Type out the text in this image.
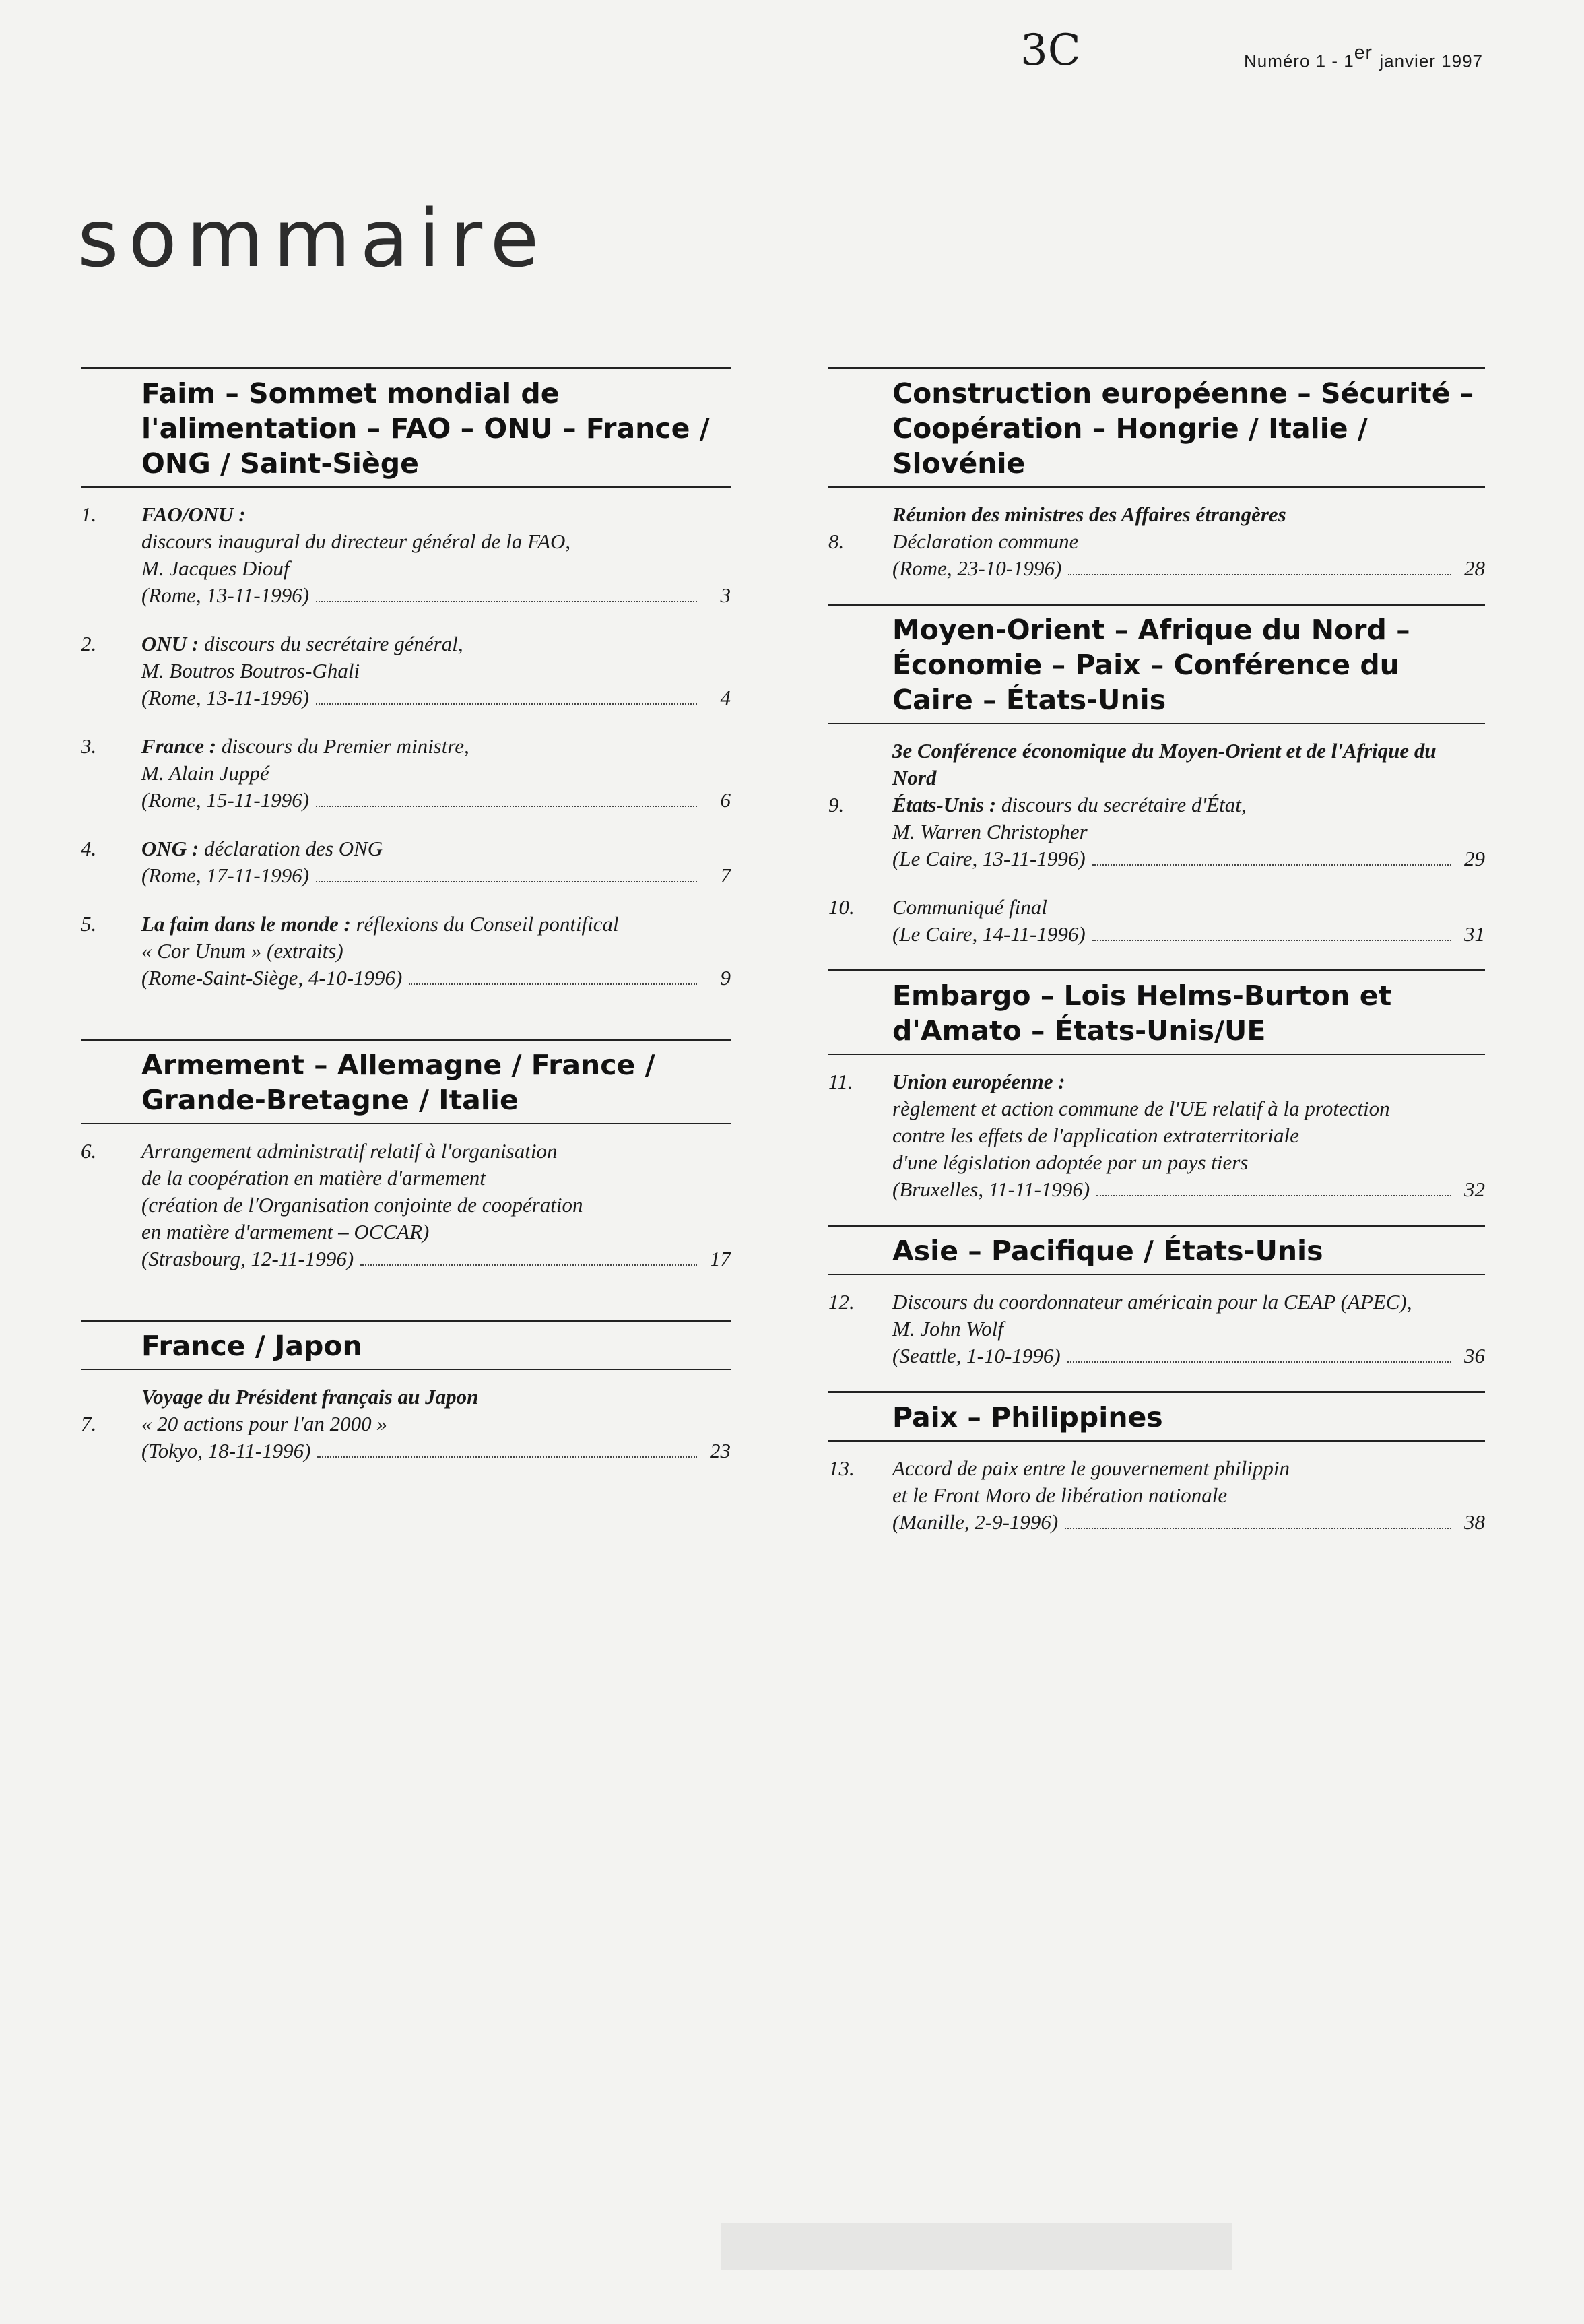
3C	Numéro 1 - 1er janvier 1997
sommaire
Faim – Sommet mondial de l'alimentation – FAO – ONU – France / ONG / Saint-Siège
1. FAO/ONU :
discours inaugural du directeur général de la FAO,
M. Jacques Diouf
(Rome, 13-11-1996)	3
2. ONU : discours du secrétaire général,
M. Boutros Boutros-Ghali
(Rome, 13-11-1996)	4
3. France : discours du Premier ministre,
M. Alain Juppé
(Rome, 15-11-1996)	6
4. ONG : déclaration des ONG
(Rome, 17-11-1996)	7
5. La faim dans le monde : réflexions du Conseil pontifical
« Cor Unum » (extraits)
(Rome-Saint-Siège, 4-10-1996)	9
Armement – Allemagne / France / Grande-Bretagne / Italie
6. Arrangement administratif relatif à l'organisation
de la coopération en matière d'armement
(création de l'Organisation conjointe de coopération
en matière d'armement – OCCAR)
(Strasbourg, 12-11-1996)	17
France / Japon
Voyage du Président français au Japon
7. « 20 actions pour l'an 2000 »
(Tokyo, 18-11-1996)	23
Construction européenne – Sécurité – Coopération – Hongrie / Italie / Slovénie
Réunion des ministres des Affaires étrangères
8. Déclaration commune
(Rome, 23-10-1996)	28
Moyen-Orient – Afrique du Nord – Économie – Paix – Conférence du Caire – États-Unis
3e Conférence économique du Moyen-Orient et de l'Afrique du Nord
9. États-Unis : discours du secrétaire d'État,
M. Warren Christopher
(Le Caire, 13-11-1996)	29
10. Communiqué final
(Le Caire, 14-11-1996)	31
Embargo – Lois Helms-Burton et d'Amato – États-Unis/UE
11. Union européenne :
règlement et action commune de l'UE relatif à la protection
contre les effets de l'application extraterritoriale
d'une législation adoptée par un pays tiers
(Bruxelles, 11-11-1996)	32
Asie – Pacifique / États-Unis
12. Discours du coordonnateur américain pour la CEAP (APEC),
M. John Wolf
(Seattle, 1-10-1996)	36
Paix – Philippines
13. Accord de paix entre le gouvernement philippin
et le Front Moro de libération nationale
(Manille, 2-9-1996)	38
